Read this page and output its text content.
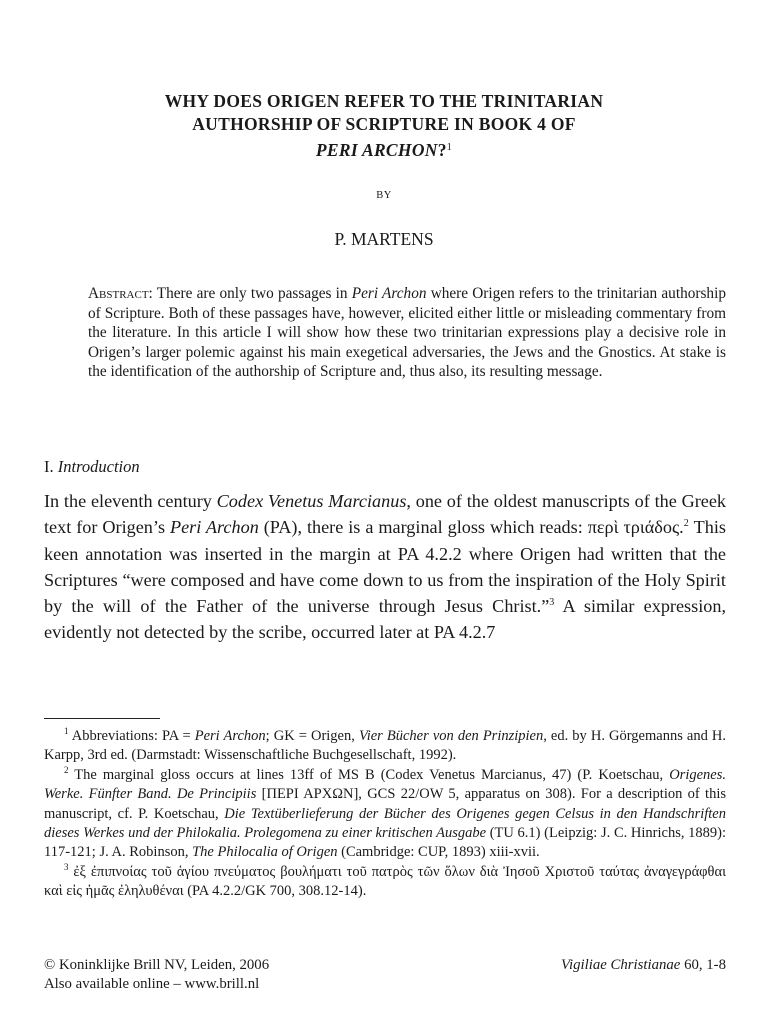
WHY DOES ORIGEN REFER TO THE TRINITARIAN
AUTHORSHIP OF SCRIPTURE IN BOOK 4 OF
PERI ARCHON?$^1$
BY
P. MARTENS

Abstract: There are only two passages in Peri Archon where Origen refers to the trinitarian authorship of Scripture. Both of these passages have, however, elicited either little or misleading commentary from the literature. In this article I will show how these two trinitarian expressions play a decisive role in Origen’s larger polemic against his main exegetical adversaries, the Jews and the Gnostics. At stake is the identification of the authorship of Scripture and, thus also, its resulting message.

I. Introduction

In the eleventh century Codex Venetus Marcianus, one of the oldest manuscripts of the Greek text for Origen’s Peri Archon (PA), there is a marginal gloss which reads: περὶ τριάδος.$^2$ This keen annotation was inserted in the margin at PA 4.2.2 where Origen had written that the Scriptures “were composed and have come down to us from the inspiration of the Holy Spirit by the will of the Father of the universe through Jesus Christ.”$^3$ A similar expression, evidently not detected by the scribe, occurred later at PA 4.2.7

$^1$ Abbreviations: PA = Peri Archon; GK = Origen, Vier Bücher von den Prinzipien, ed. by H. Görgemanns and H. Karpp, 3rd ed. (Darmstadt: Wissenschaftliche Buchgesellschaft, 1992).

$^2$ The marginal gloss occurs at lines 13ff of MS B (Codex Venetus Marcianus, 47) (P. Koetschau, Origenes. Werke. Fünfter Band. De Principiis [ΠΕΡΙ ΑΡΧΩΝ], GCS 22/OW 5, apparatus on 308). For a description of this manuscript, cf. P. Koetschau, Die Textüberlieferung der Bücher des Origenes gegen Celsus in den Handschriften dieses Werkes und der Philokalia. Prolegomena zu einer kritischen Ausgabe (TU 6.1) (Leipzig: J. C. Hinrichs, 1889): 117-121; J. A. Robinson, The Philocalia of Origen (Cambridge: CUP, 1893) xiii-xvii.

$^3$ ἐξ ἐπιπνοίας τοῦ ἁγίου πνεύματος βουλήματι τοῦ πατρὸς τῶν ὅλων διὰ Ἰησοῦ Χριστοῦ ταύτας ἀναγεγράφθαι καὶ εἰς ἡμᾶς ἐληλυθέναι (PA 4.2.2/GK 700, 308.12-14).

© Koninklijke Brill NV, Leiden, 2006
Also available online – www.brill.nl
Vigiliae Christianae 60, 1-8
